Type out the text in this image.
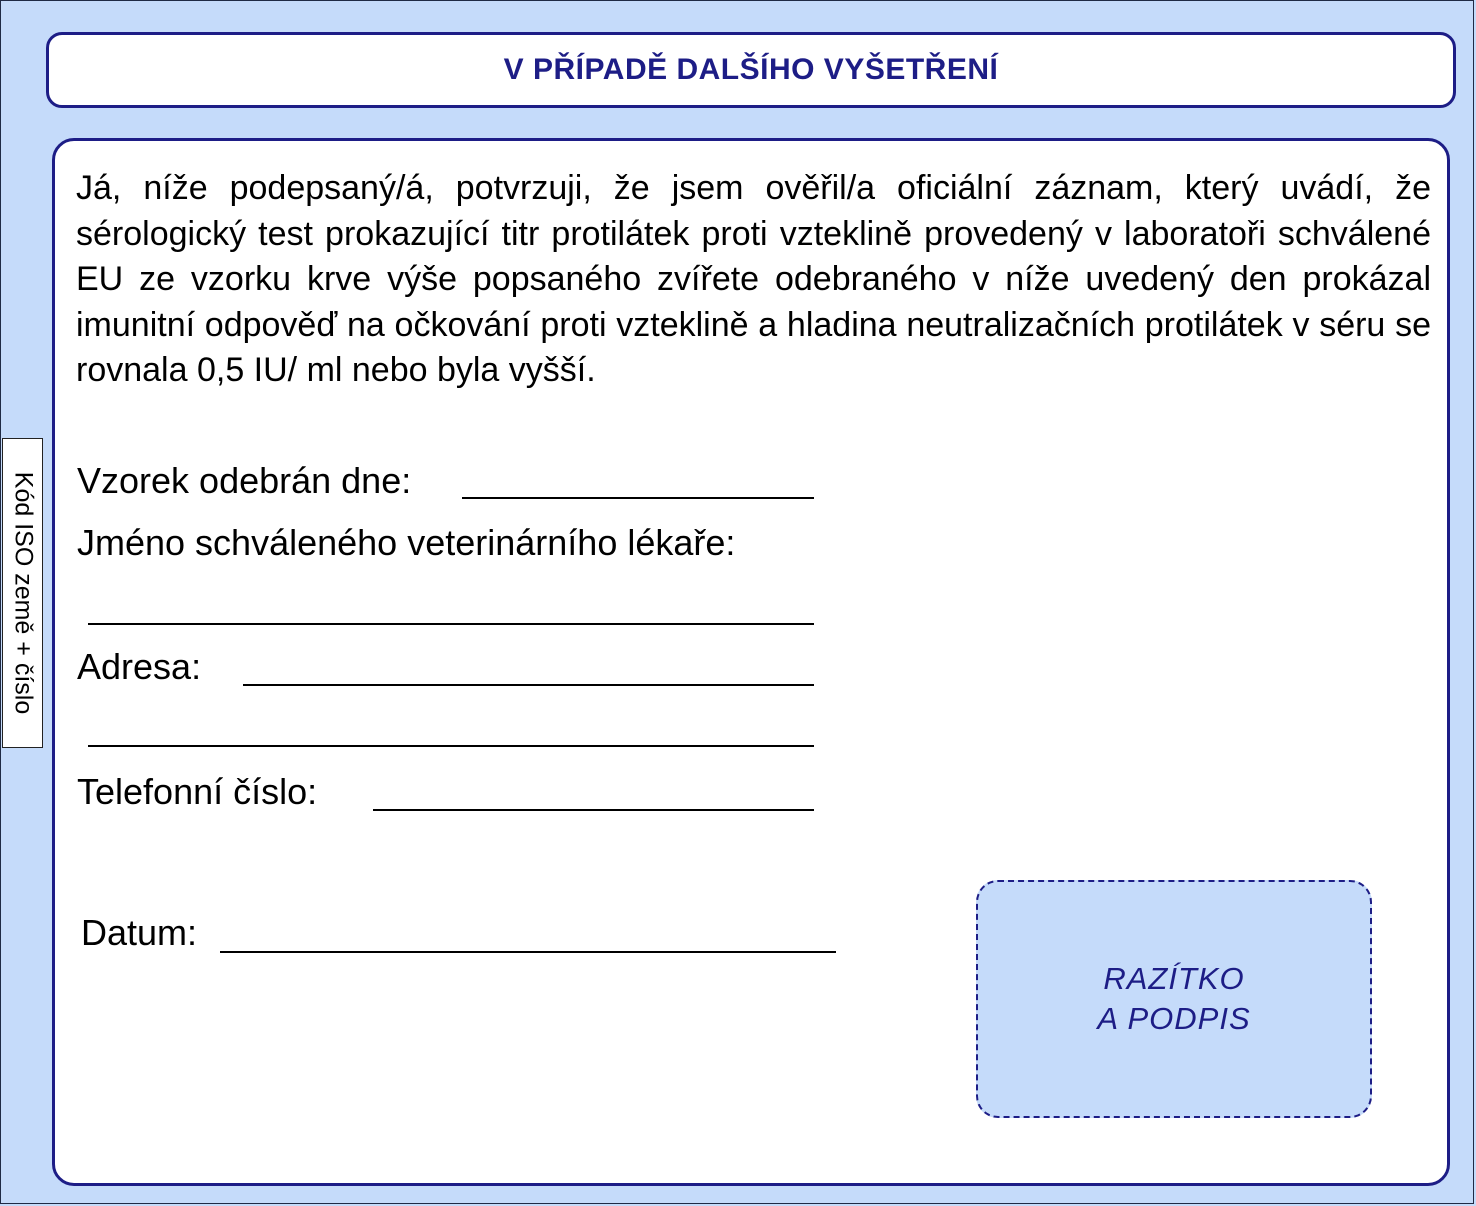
V PŘÍPADĚ DALŠÍHO VYŠETŘENÍ
Kód ISO země + číslo

Já, níže podepsaný/á, potvrzuji, že jsem ověřil/a oficiální záznam, který uvádí, že sérologický test prokazující titr protilátek proti vzteklině provedený v laboratoři schválené EU ze vzorku krve výše popsaného zvířete odebraného v níže uvedený den prokázal imunitní odpověď na očkování proti vzteklině a hladina neutralizačních protilátek v séru se rovnala 0,5 IU/ ml nebo byla vyšší.

Vzorek odebrán dne:
Jméno schváleného veterinárního lékaře:
Adresa:
Telefonní číslo:
Datum:
RAZÍTKO
A PODPIS
